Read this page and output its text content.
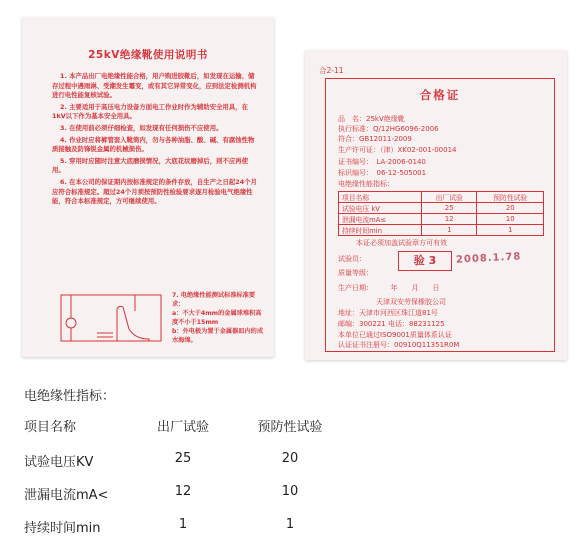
25kV绝缘靴使用说明书

1. 本产品出厂电绝缘性能合格，用户购进胶靴后，如发现在运输、储存过程中遇雨淋、受潮发生霉变，或有其它异常变化，应到法定检测机构进行电性能复核试验。

2. 主要适用于高压电力设备方面电工作业时作为辅助安全用具，在1kV以下作为基本安全用具。

3. 在使用前必须仔细检查，如发现有任何损伤不应使用。

4. 作业时应将裤管套入靴筒内，勿与各种油脂、酸、碱、有腐蚀性物质接触及防锋锐金属的机械损伤。

5. 穿用时应随时注意大底磨损情况，大底花纹磨掉后，则不应再使用。

6. 在本公司的保证期内按标准规定的条件存放，自生产之日起24个月应符合标准规定。超过24个月须按预防性检验要求逐月检验电气绝缘性能，符合本标准规定，方可继续使用。

7. 电绝缘性能测试标准标准要求：
a：不大于4mm的金属球堆积高度不小于15mm
b：外电极为置于金属器皿内的成水海绵。
合2-11
合格证
品　名：25kV绝缘靴
执行标准：Q/12HG6096-2006
符合：GB12011-2009
生产许可证：（津）XK02-001-00014
证书编号：　LA-2006-0140
标识编号：　06-12-505001
电绝缘性能指标：
项目名称	出厂试验	预防性试验
试验电压 kV	25	20
泄漏电流mA≤	12	10
持续时间min	1	1
本证必须加盖试验章方可有效
试验员：
质量等级：
生产日期：　　　年　　月　　日
验 3	2008.1.78
天津双安劳保橡胶公司
地址：天津市河西区珠江道81号
邮编：300221 电话：88231125
本单位已通过ISO9001质量体系认证
认证证书注册号：00910Q11351R0M
电绝缘性指标：
项目名称	出厂试验	预防性试验
试验电压KV	25	20
泄漏电流mA<	12	10
持续时间min	1	1
